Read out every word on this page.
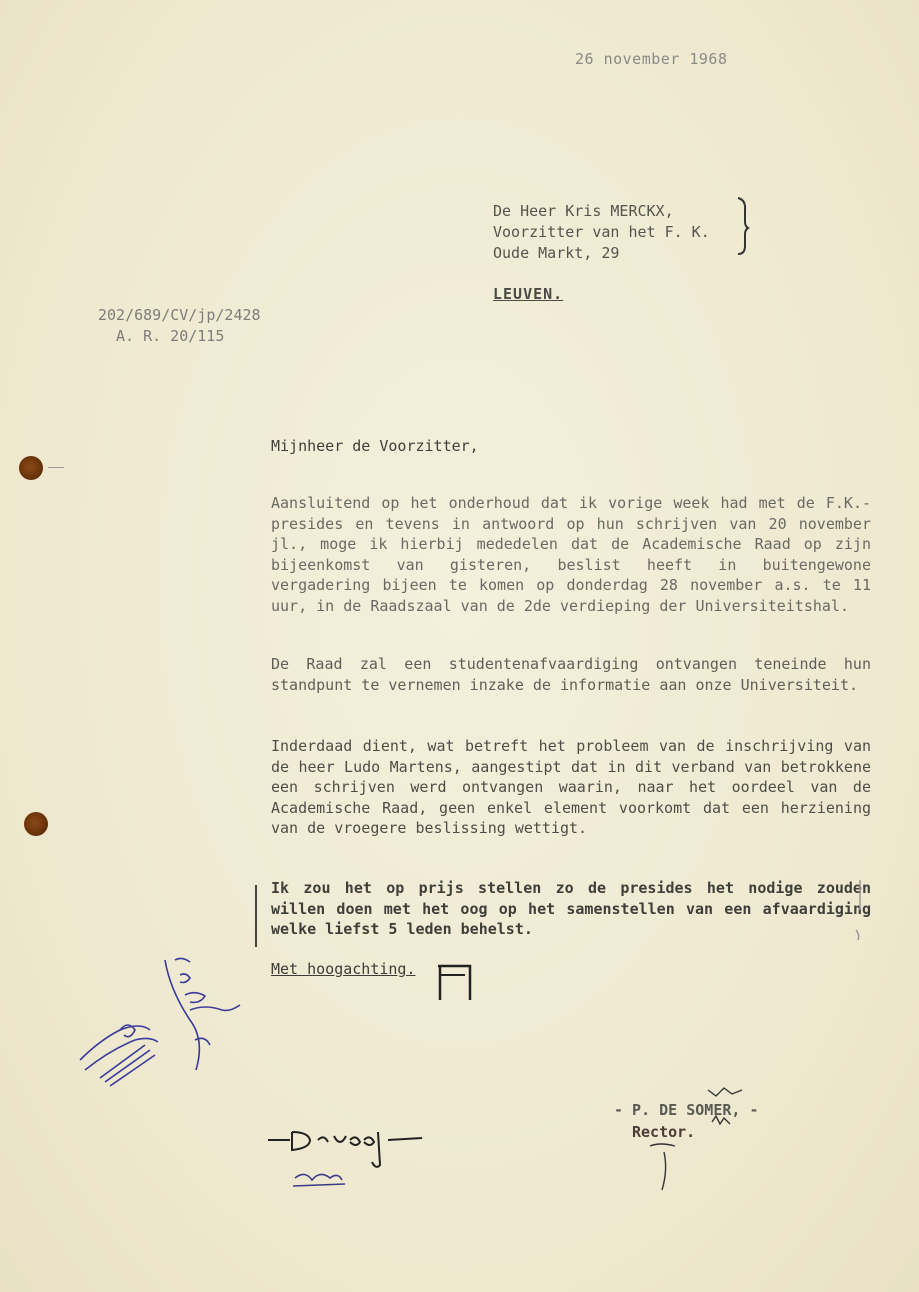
26 november 1968
De Heer Kris MERCKX,
Voorzitter van het F. K.
Oude Markt, 29
LEUVEN.
202/689/CV/jp/2428
A. R. 20/115
Mijnheer de Voorzitter,
Aansluitend op het onderhoud dat ik vorige week had met de F.K.-presides en tevens in antwoord op hun schrijven van 20 november jl., moge ik hierbij mededelen dat de Academische Raad op zijn bijeenkomst van gisteren, beslist heeft in buitengewone vergadering bijeen te komen op donderdag 28 november a.s. te 11 uur, in de Raadszaal van de 2de verdieping der Universiteitshal.
De Raad zal een studentenafvaardiging ontvangen teneinde hun standpunt te vernemen inzake de informatie aan onze Universiteit.
Inderdaad dient, wat betreft het probleem van de inschrijving van de heer Ludo Martens, aangestipt dat in dit verband van betrokkene een schrijven werd ontvangen waarin, naar het oordeel van de Academische Raad, geen enkel element voorkomt dat een herziening van de vroegere beslissing wettigt.
Ik zou het op prijs stellen zo de presides het nodige zouden willen doen met het oog op het samenstellen van een afvaardiging welke liefst 5 leden behelst.
Met hoogachting.
- P. DE SOMER, -
Rector.
